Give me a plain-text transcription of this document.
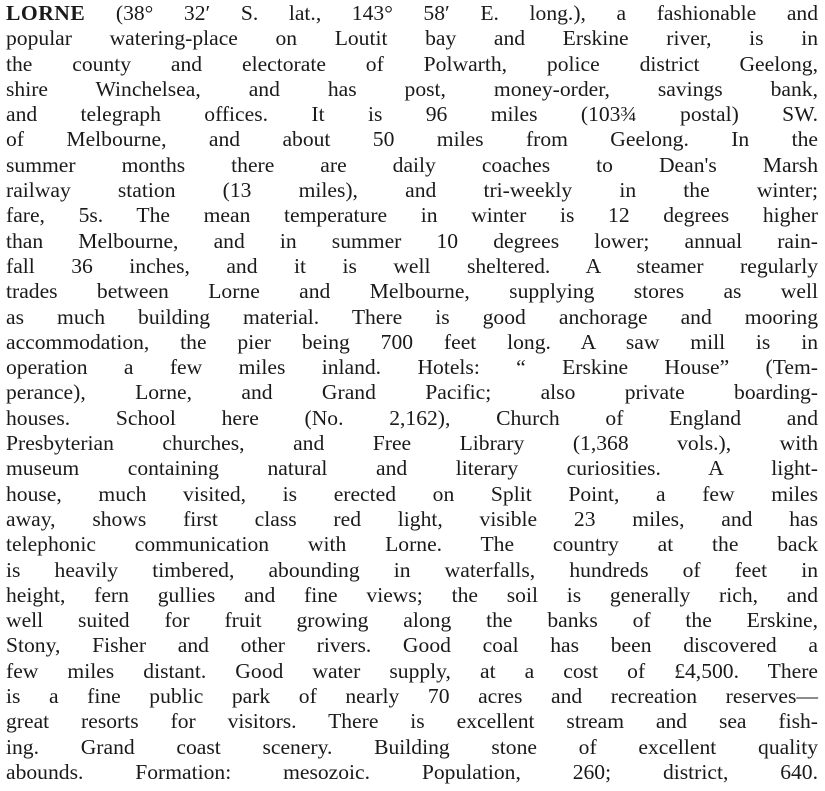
LORNE (38° 32′ S. lat., 143° 58′ E. long.), a fashionable and
popular watering-place on Loutit bay and Erskine river, is in
the county and electorate of Polwarth, police district Geelong,
shire Winchelsea, and has post, money-order, savings bank,
and telegraph offices. It is 96 miles (103¾ postal) SW.
of Melbourne, and about 50 miles from Geelong. In the
summer months there are daily coaches to Dean's Marsh
railway station (13 miles), and tri-weekly in the winter;
fare, 5s. The mean temperature in winter is 12 degrees higher
than Melbourne, and in summer 10 degrees lower; annual rain-
fall 36 inches, and it is well sheltered. A steamer regularly
trades between Lorne and Melbourne, supplying stores as well
as much building material. There is good anchorage and mooring
accommodation, the pier being 700 feet long. A saw mill is in
operation a few miles inland. Hotels: “ Erskine House” (Tem-
perance), Lorne, and Grand Pacific; also private boarding-
houses. School here (No. 2,162), Church of England and
Presbyterian churches, and Free Library (1,368 vols.), with
museum containing natural and literary curiosities. A light-
house, much visited, is erected on Split Point, a few miles
away, shows first class red light, visible 23 miles, and has
telephonic communication with Lorne. The country at the back
is heavily timbered, abounding in waterfalls, hundreds of feet in
height, fern gullies and fine views; the soil is generally rich, and
well suited for fruit growing along the banks of the Erskine,
Stony, Fisher and other rivers. Good coal has been discovered a
few miles distant. Good water supply, at a cost of £4,500. There
is a fine public park of nearly 70 acres and recreation reserves—
great resorts for visitors. There is excellent stream and sea fish-
ing. Grand coast scenery. Building stone of excellent quality
abounds. Formation: mesozoic. Population, 260; district, 640.
